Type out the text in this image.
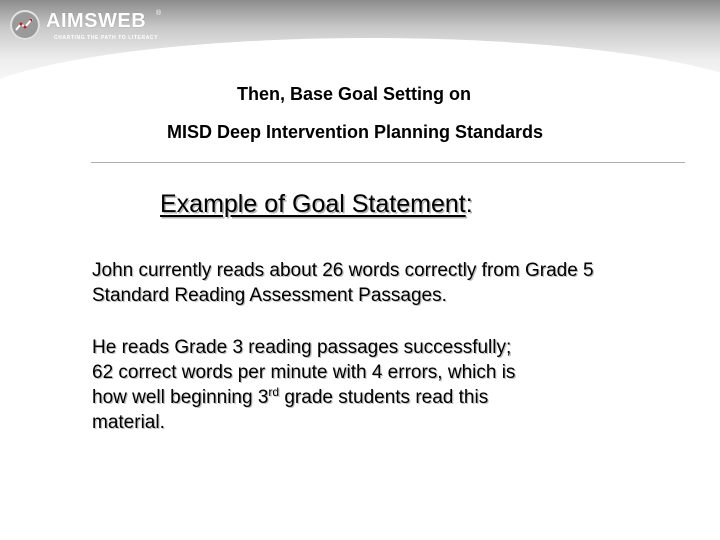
AIMSWEB ®
CHARTING THE PATH TO LITERACY
Then, Base Goal Setting on
MISD Deep Intervention Planning Standards
Example of Goal Statement:
John currently reads about 26 words correctly from Grade 5 Standard Reading Assessment Passages.
He reads Grade 3 reading passages successfully;
62 correct words per minute with 4 errors, which is
how well beginning 3rd grade students read this
material.
